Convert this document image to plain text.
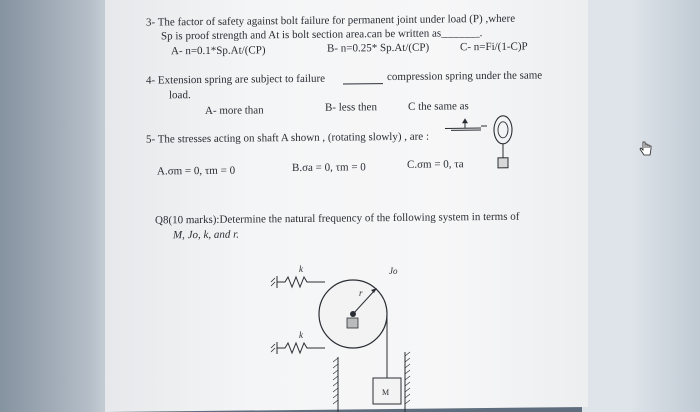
3- The factor of safety against bolt failure for permanent joint under load (P) ,where
Sp is proof strength and At is bolt section area.can be written as_______.
A- n=0.1*Sp.At/(CP)	B- n=0.25* Sp.At/(CP)	C- n=Fi/(1-C)P
4- Extension spring are subject to failure	compression spring under the same
load.
A- more than	B- less then	C the same as
5- The stresses acting on shaft A shown , (rotating slowly) , are :
A.σm = 0, τm = 0	B.σa = 0, τm = 0	C.σm = 0, τa
Q8(10 marks):Determine the natural frequency of the following system in terms of
M, Jo, k, and r.
k
k
r
Jo
M
